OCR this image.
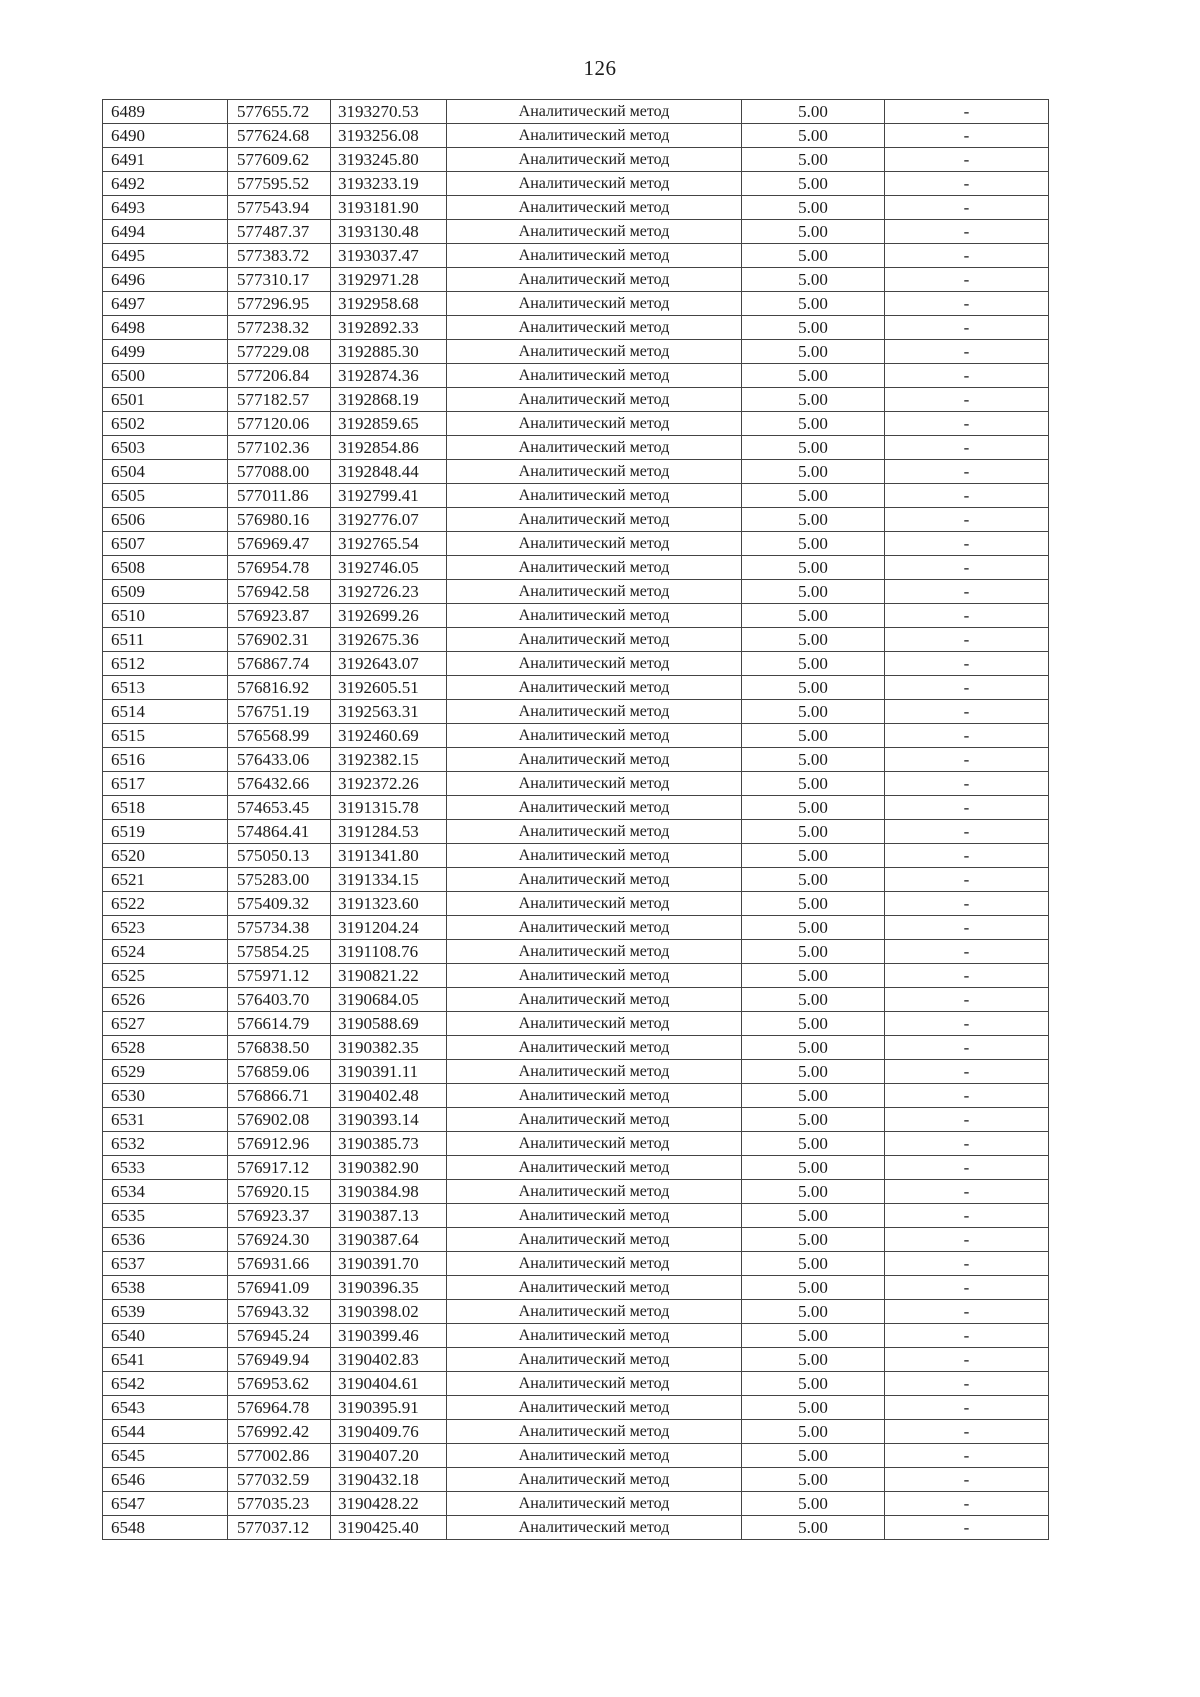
126
6489	577655.72	3193270.53	Аналитический метод	5.00	-
6490	577624.68	3193256.08	Аналитический метод	5.00	-
6491	577609.62	3193245.80	Аналитический метод	5.00	-
6492	577595.52	3193233.19	Аналитический метод	5.00	-
6493	577543.94	3193181.90	Аналитический метод	5.00	-
6494	577487.37	3193130.48	Аналитический метод	5.00	-
6495	577383.72	3193037.47	Аналитический метод	5.00	-
6496	577310.17	3192971.28	Аналитический метод	5.00	-
6497	577296.95	3192958.68	Аналитический метод	5.00	-
6498	577238.32	3192892.33	Аналитический метод	5.00	-
6499	577229.08	3192885.30	Аналитический метод	5.00	-
6500	577206.84	3192874.36	Аналитический метод	5.00	-
6501	577182.57	3192868.19	Аналитический метод	5.00	-
6502	577120.06	3192859.65	Аналитический метод	5.00	-
6503	577102.36	3192854.86	Аналитический метод	5.00	-
6504	577088.00	3192848.44	Аналитический метод	5.00	-
6505	577011.86	3192799.41	Аналитический метод	5.00	-
6506	576980.16	3192776.07	Аналитический метод	5.00	-
6507	576969.47	3192765.54	Аналитический метод	5.00	-
6508	576954.78	3192746.05	Аналитический метод	5.00	-
6509	576942.58	3192726.23	Аналитический метод	5.00	-
6510	576923.87	3192699.26	Аналитический метод	5.00	-
6511	576902.31	3192675.36	Аналитический метод	5.00	-
6512	576867.74	3192643.07	Аналитический метод	5.00	-
6513	576816.92	3192605.51	Аналитический метод	5.00	-
6514	576751.19	3192563.31	Аналитический метод	5.00	-
6515	576568.99	3192460.69	Аналитический метод	5.00	-
6516	576433.06	3192382.15	Аналитический метод	5.00	-
6517	576432.66	3192372.26	Аналитический метод	5.00	-
6518	574653.45	3191315.78	Аналитический метод	5.00	-
6519	574864.41	3191284.53	Аналитический метод	5.00	-
6520	575050.13	3191341.80	Аналитический метод	5.00	-
6521	575283.00	3191334.15	Аналитический метод	5.00	-
6522	575409.32	3191323.60	Аналитический метод	5.00	-
6523	575734.38	3191204.24	Аналитический метод	5.00	-
6524	575854.25	3191108.76	Аналитический метод	5.00	-
6525	575971.12	3190821.22	Аналитический метод	5.00	-
6526	576403.70	3190684.05	Аналитический метод	5.00	-
6527	576614.79	3190588.69	Аналитический метод	5.00	-
6528	576838.50	3190382.35	Аналитический метод	5.00	-
6529	576859.06	3190391.11	Аналитический метод	5.00	-
6530	576866.71	3190402.48	Аналитический метод	5.00	-
6531	576902.08	3190393.14	Аналитический метод	5.00	-
6532	576912.96	3190385.73	Аналитический метод	5.00	-
6533	576917.12	3190382.90	Аналитический метод	5.00	-
6534	576920.15	3190384.98	Аналитический метод	5.00	-
6535	576923.37	3190387.13	Аналитический метод	5.00	-
6536	576924.30	3190387.64	Аналитический метод	5.00	-
6537	576931.66	3190391.70	Аналитический метод	5.00	-
6538	576941.09	3190396.35	Аналитический метод	5.00	-
6539	576943.32	3190398.02	Аналитический метод	5.00	-
6540	576945.24	3190399.46	Аналитический метод	5.00	-
6541	576949.94	3190402.83	Аналитический метод	5.00	-
6542	576953.62	3190404.61	Аналитический метод	5.00	-
6543	576964.78	3190395.91	Аналитический метод	5.00	-
6544	576992.42	3190409.76	Аналитический метод	5.00	-
6545	577002.86	3190407.20	Аналитический метод	5.00	-
6546	577032.59	3190432.18	Аналитический метод	5.00	-
6547	577035.23	3190428.22	Аналитический метод	5.00	-
6548	577037.12	3190425.40	Аналитический метод	5.00	-
